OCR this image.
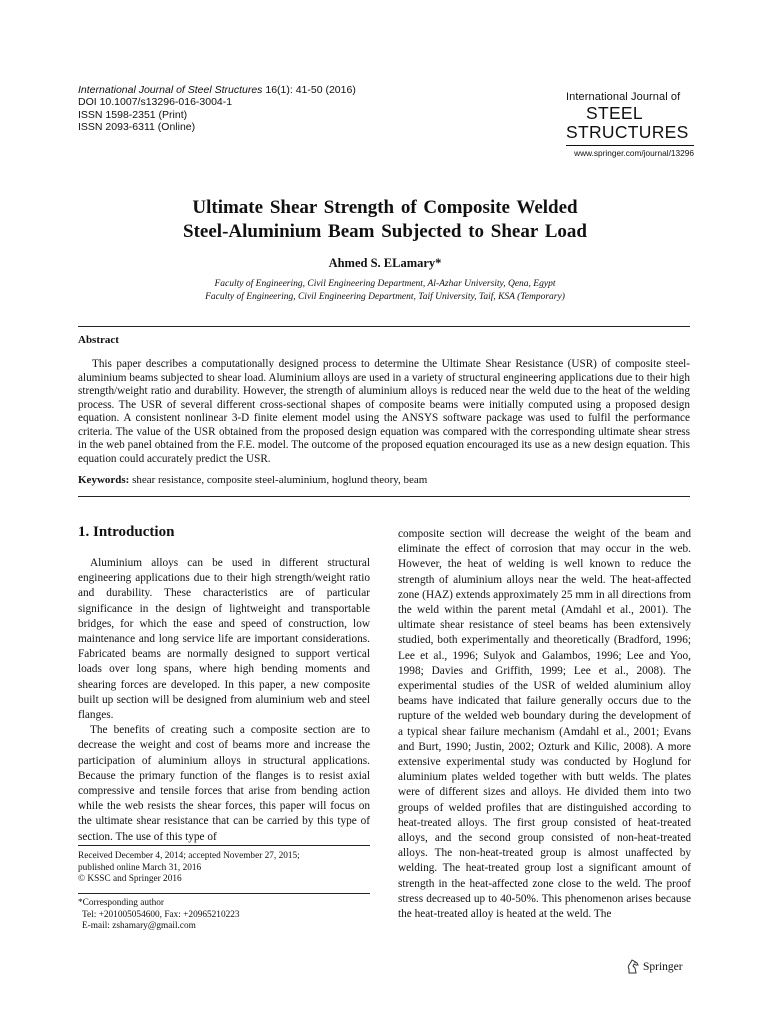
International Journal of Steel Structures 16(1): 41-50 (2016)
DOI 10.1007/s13296-016-3004-1
ISSN 1598-2351 (Print)
ISSN 2093-6311 (Online)
International Journal of
STEEL
STRUCTURES
www.springer.com/journal/13296
Ultimate Shear Strength of Composite Welded
Steel-Aluminium Beam Subjected to Shear Load
Ahmed S. ELamary*
Faculty of Engineering, Civil Engineering Department, Al-Azhar University, Qena, Egypt
Faculty of Engineering, Civil Engineering Department, Taif University, Taif, KSA (Temporary)
Abstract
This paper describes a computationally designed process to determine the Ultimate Shear Resistance (USR) of composite steel-aluminium beams subjected to shear load. Aluminium alloys are used in a variety of structural engineering applications due to their high strength/weight ratio and durability. However, the strength of aluminium alloys is reduced near the weld due to the heat of the welding process. The USR of several different cross-sectional shapes of composite beams were initially computed using a proposed design equation. A consistent nonlinear 3-D finite element model using the ANSYS software package was used to fulfil the performance criteria. The value of the USR obtained from the proposed design equation was compared with the corresponding ultimate shear stress in the web panel obtained from the F.E. model. The outcome of the proposed equation encouraged its use as a new design equation. This equation could accurately predict the USR.
Keywords: shear resistance, composite steel-aluminium, hoglund theory, beam
1. Introduction

Aluminium alloys can be used in different structural engineering applications due to their high strength/weight ratio and durability. These characteristics are of particular significance in the design of lightweight and transportable bridges, for which the ease and speed of construction, low maintenance and long service life are important considerations. Fabricated beams are normally designed to support vertical loads over long spans, where high bending moments and shearing forces are developed. In this paper, a new composite built up section will be designed from aluminium web and steel flanges.

The benefits of creating such a composite section are to decrease the weight and cost of beams more and increase the participation of aluminium alloys in structural applications. Because the primary function of the flanges is to resist axial compressive and tensile forces that arise from bending action while the web resists the shear forces, this paper will focus on the ultimate shear resistance that can be carried by this type of section. The use of this type of

composite section will decrease the weight of the beam and eliminate the effect of corrosion that may occur in the web. However, the heat of welding is well known to reduce the strength of aluminium alloys near the weld. The heat-affected zone (HAZ) extends approximately 25 mm in all directions from the weld within the parent metal (Amdahl et al., 2001). The ultimate shear resistance of steel beams has been extensively studied, both experimentally and theoretically (Bradford, 1996; Lee et al., 1996; Sulyok and Galambos, 1996; Lee and Yoo, 1998; Davies and Griffith, 1999; Lee et al., 2008). The experimental studies of the USR of welded aluminium alloy beams have indicated that failure generally occurs due to the rupture of the welded web boundary during the development of a typical shear failure mechanism (Amdahl et al., 2001; Evans and Burt, 1990; Justin, 2002; Ozturk and Kilic, 2008). A more extensive experimental study was conducted by Hoglund for aluminium plates welded together with butt welds. The plates were of different sizes and alloys. He divided them into two groups of welded profiles that are distinguished according to heat-treated alloys. The first group consisted of heat-treated alloys, and the second group consisted of non-heat-treated alloys. The non-heat-treated group is almost unaffected by welding. The heat-treated group lost a significant amount of strength in the heat-affected zone close to the weld. The proof stress decreased up to 40-50%. This phenomenon arises because the heat-treated alloy is heated at the weld. The

Received December 4, 2014; accepted November 27, 2015;
published online March 31, 2016
© KSSC and Springer 2016
*Corresponding author
Tel: +201005054600, Fax: +20965210223
E-mail: zshamary@gmail.com
Springer
